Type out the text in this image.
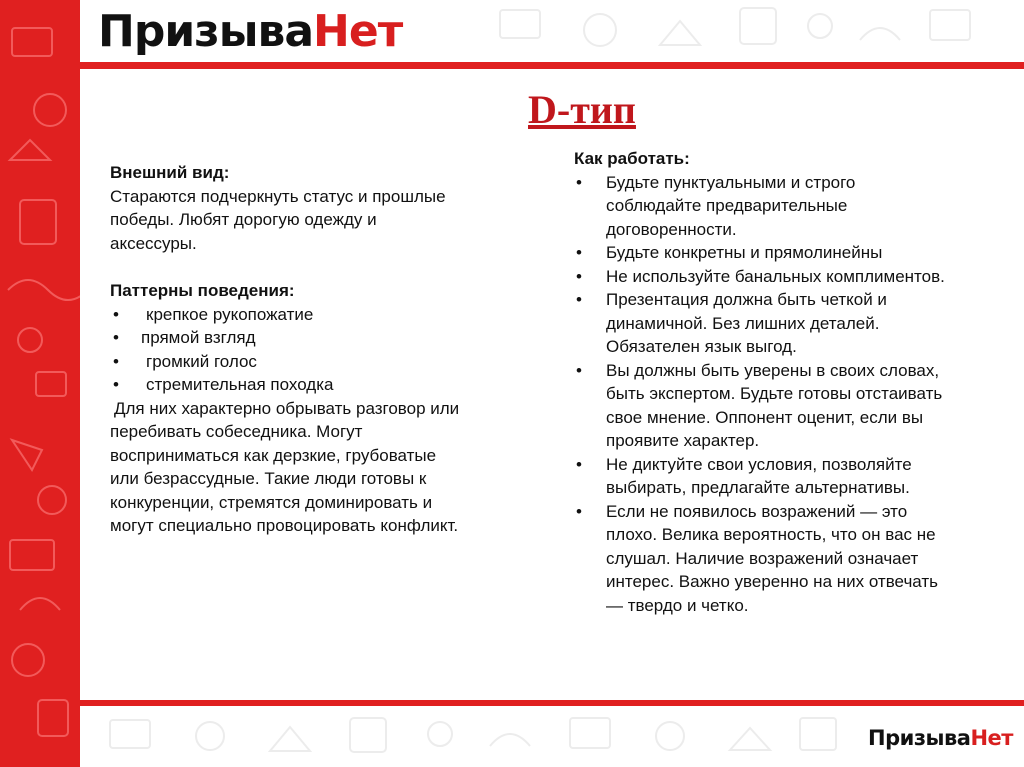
ПризываНет
ПризываНет
D-тип
Внешний вид:
Стараются подчеркнуть статус и прошлые
победы. Любят дорогую одежду и
аксессуры.
Паттерны поведения:
• крепкое рукопожатие
• прямой взгляд
• громкий голос
• стремительная походка
Для них характерно обрывать разговор или
перебивать собеседника. Могут
восприниматься как дерзкие, грубоватые
или безрассудные. Такие люди готовы к
конкуренции, стремятся доминировать и
могут специально провоцировать конфликт.
Как работать:
• Будьте пунктуальными и строго
соблюдайте предварительные
договоренности.
• Будьте конкретны и прямолинейны
• Не используйте банальных комплиментов.
• Презентация должна быть четкой и
динамичной. Без лишних деталей.
Обязателен язык выгод.
• Вы должны быть уверены в своих словах,
быть экспертом. Будьте готовы отстаивать
свое мнение. Оппонент оценит, если вы
проявите характер.
• Не диктуйте свои условия, позволяйте
выбирать, предлагайте альтернативы.
• Если не появилось возражений — это
плохо. Велика вероятность, что он вас не
слушал. Наличие возражений означает
интерес. Важно уверенно на них отвечать
— твердо и четко.
